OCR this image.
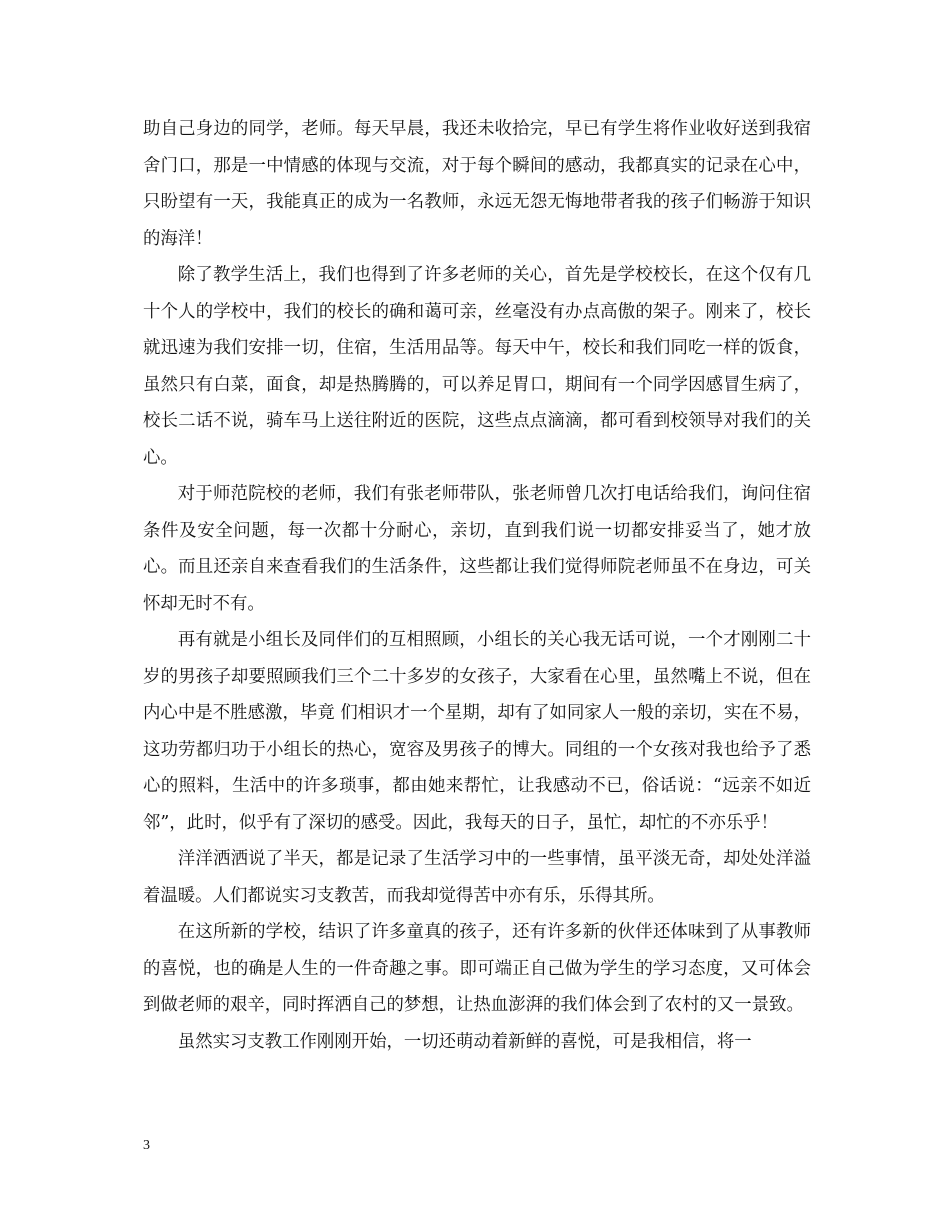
助自己身边的同学，老师。每天早晨，我还未收拾完，早已有学生将作业收好送到我宿舍门口，那是一中情感的体现与交流，对于每个瞬间的感动，我都真实的记录在心中，只盼望有一天，我能真正的成为一名教师，永远无怨无悔地带者我的孩子们畅游于知识的海洋！

除了教学生活上，我们也得到了许多老师的关心，首先是学校校长，在这个仅有几十个人的学校中，我们的校长的确和蔼可亲，丝毫没有办点高傲的架子。刚来了，校长就迅速为我们安排一切，住宿，生活用品等。每天中午，校长和我们同吃一样的饭食，虽然只有白菜，面食，却是热腾腾的，可以养足胃口，期间有一个同学因感冒生病了，校长二话不说，骑车马上送往附近的医院，这些点点滴滴，都可看到校领导对我们的关心。

对于师范院校的老师，我们有张老师带队，张老师曾几次打电话给我们，询问住宿条件及安全问题，每一次都十分耐心，亲切，直到我们说一切都安排妥当了，她才放心。而且还亲自来查看我们的生活条件，这些都让我们觉得师院老师虽不在身边，可关怀却无时不有。

再有就是小组长及同伴们的互相照顾，小组长的关心我无话可说，一个才刚刚二十岁的男孩子却要照顾我们三个二十多岁的女孩子，大家看在心里，虽然嘴上不说，但在内心中是不胜感激，毕竟 们相识才一个星期，却有了如同家人一般的亲切，实在不易，这功劳都归功于小组长的热心，宽容及男孩子的博大。同组的一个女孩对我也给予了悉心的照料，生活中的许多琐事，都由她来帮忙，让我感动不已，俗话说：“远亲不如近邻”，此时，似乎有了深切的感受。因此，我每天的日子，虽忙，却忙的不亦乐乎！

洋洋洒洒说了半天，都是记录了生活学习中的一些事情，虽平淡无奇，却处处洋溢着温暖。人们都说实习支教苦，而我却觉得苦中亦有乐，乐得其所。

在这所新的学校，结识了许多童真的孩子，还有许多新的伙伴还体味到了从事教师的喜悦，也的确是人生的一件奇趣之事。即可端正自己做为学生的学习态度，又可体会到做老师的艰辛，同时挥洒自己的梦想，让热血澎湃的我们体会到了农村的又一景致。

虽然实习支教工作刚刚开始，一切还萌动着新鲜的喜悦，可是我相信，将一

3
